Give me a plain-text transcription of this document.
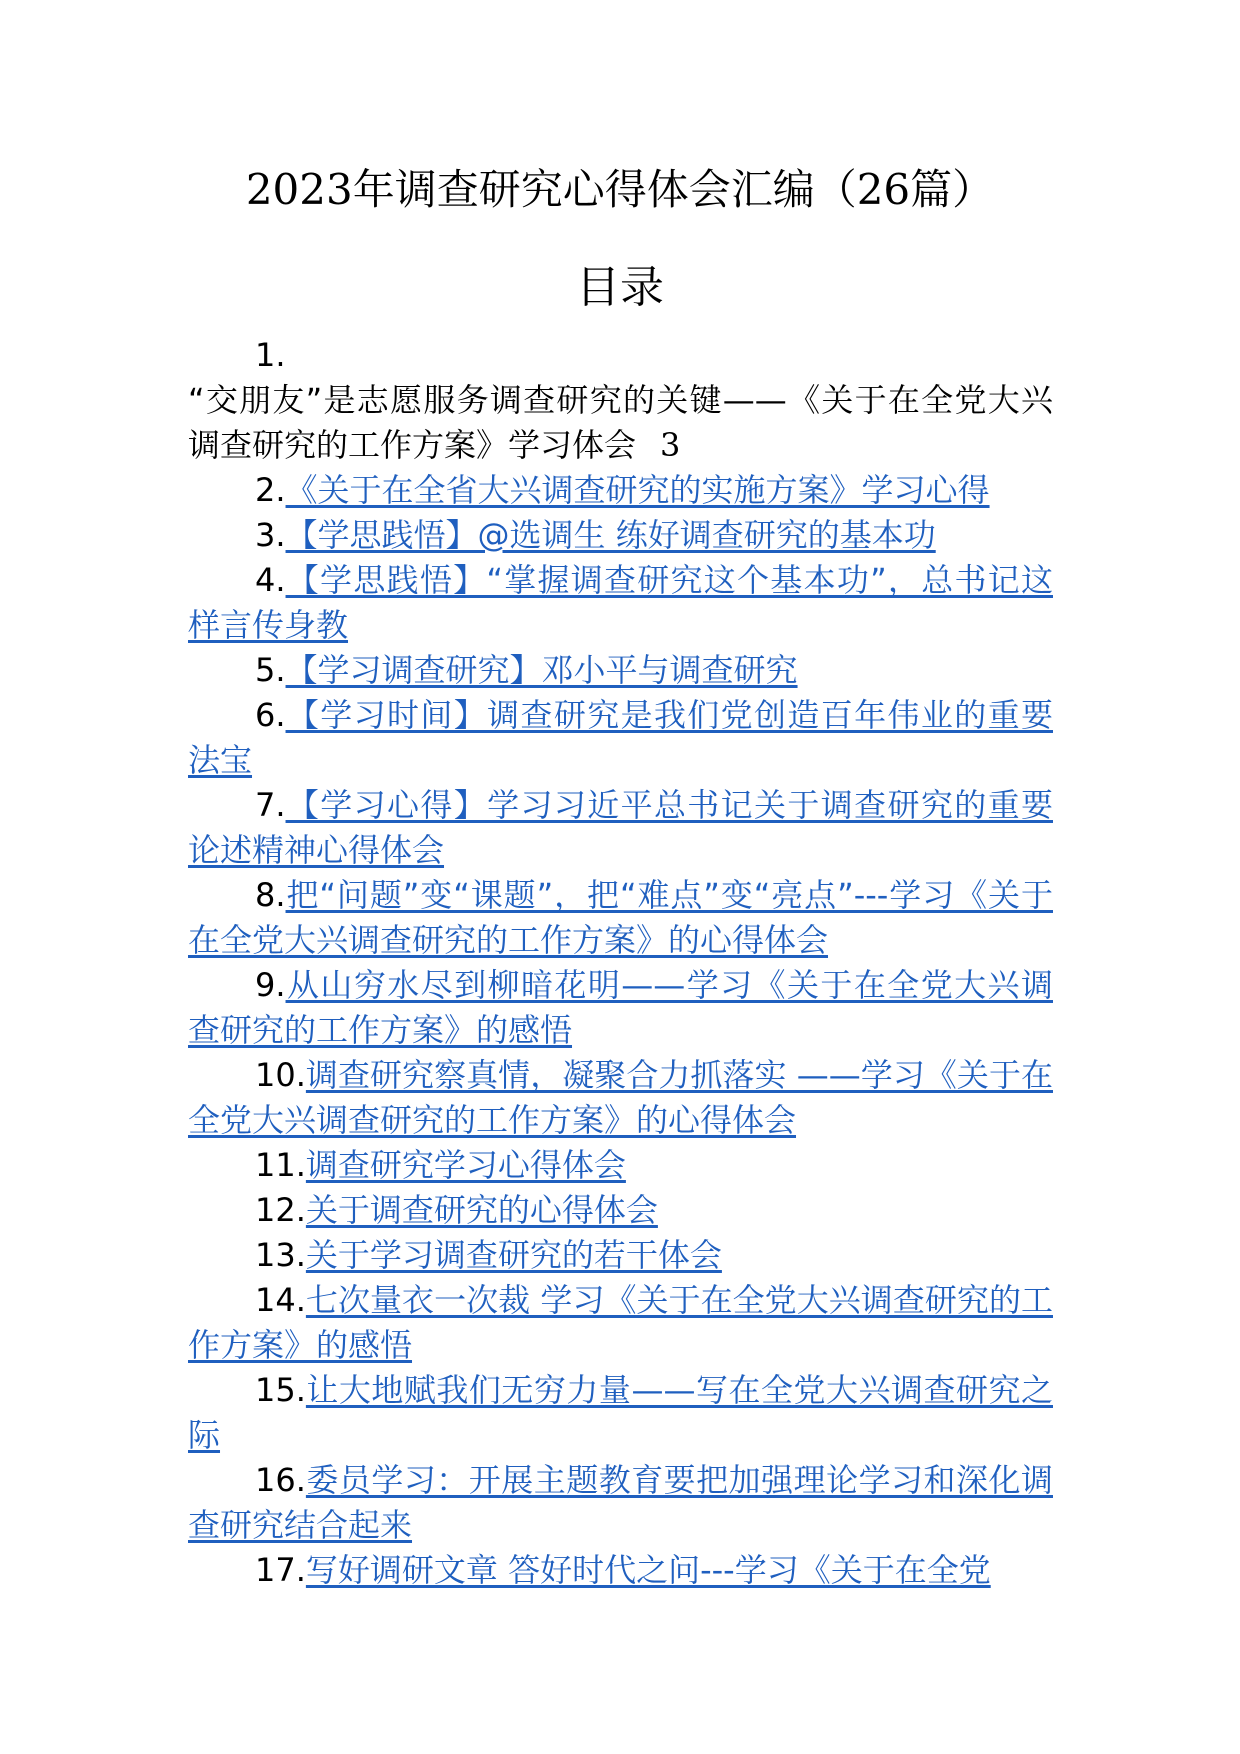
2023年调查研究心得体会汇编（26篇）
目录

1.
“交朋友”是志愿服务调查研究的关键——《关于在全党大兴调查研究的工作方案》学习体会 3

2.《关于在全省大兴调查研究的实施方案》学习心得

3.【学思践悟】@选调生 练好调查研究的基本功

4.【学思践悟】“掌握调查研究这个基本功”，总书记这样言传身教

5.【学习调查研究】邓小平与调查研究

6.【学习时间】调查研究是我们党创造百年伟业的重要法宝

7.【学习心得】学习习近平总书记关于调查研究的重要论述精神心得体会

8.把“问题”变“课题”，把“难点”变“亮点”---学习《关于在全党大兴调查研究的工作方案》的心得体会

9.从山穷水尽到柳暗花明——学习《关于在全党大兴调查研究的工作方案》的感悟

10.调查研究察真情，凝聚合力抓落实 ——学习《关于在全党大兴调查研究的工作方案》的心得体会

11.调查研究学习心得体会

12.关于调查研究的心得体会

13.关于学习调查研究的若干体会

14.七次量衣一次裁 学习《关于在全党大兴调查研究的工作方案》的感悟

15.让大地赋我们无穷力量——写在全党大兴调查研究之际

16.委员学习：开展主题教育要把加强理论学习和深化调查研究结合起来

17.写好调研文章 答好时代之问---学习《关于在全党
